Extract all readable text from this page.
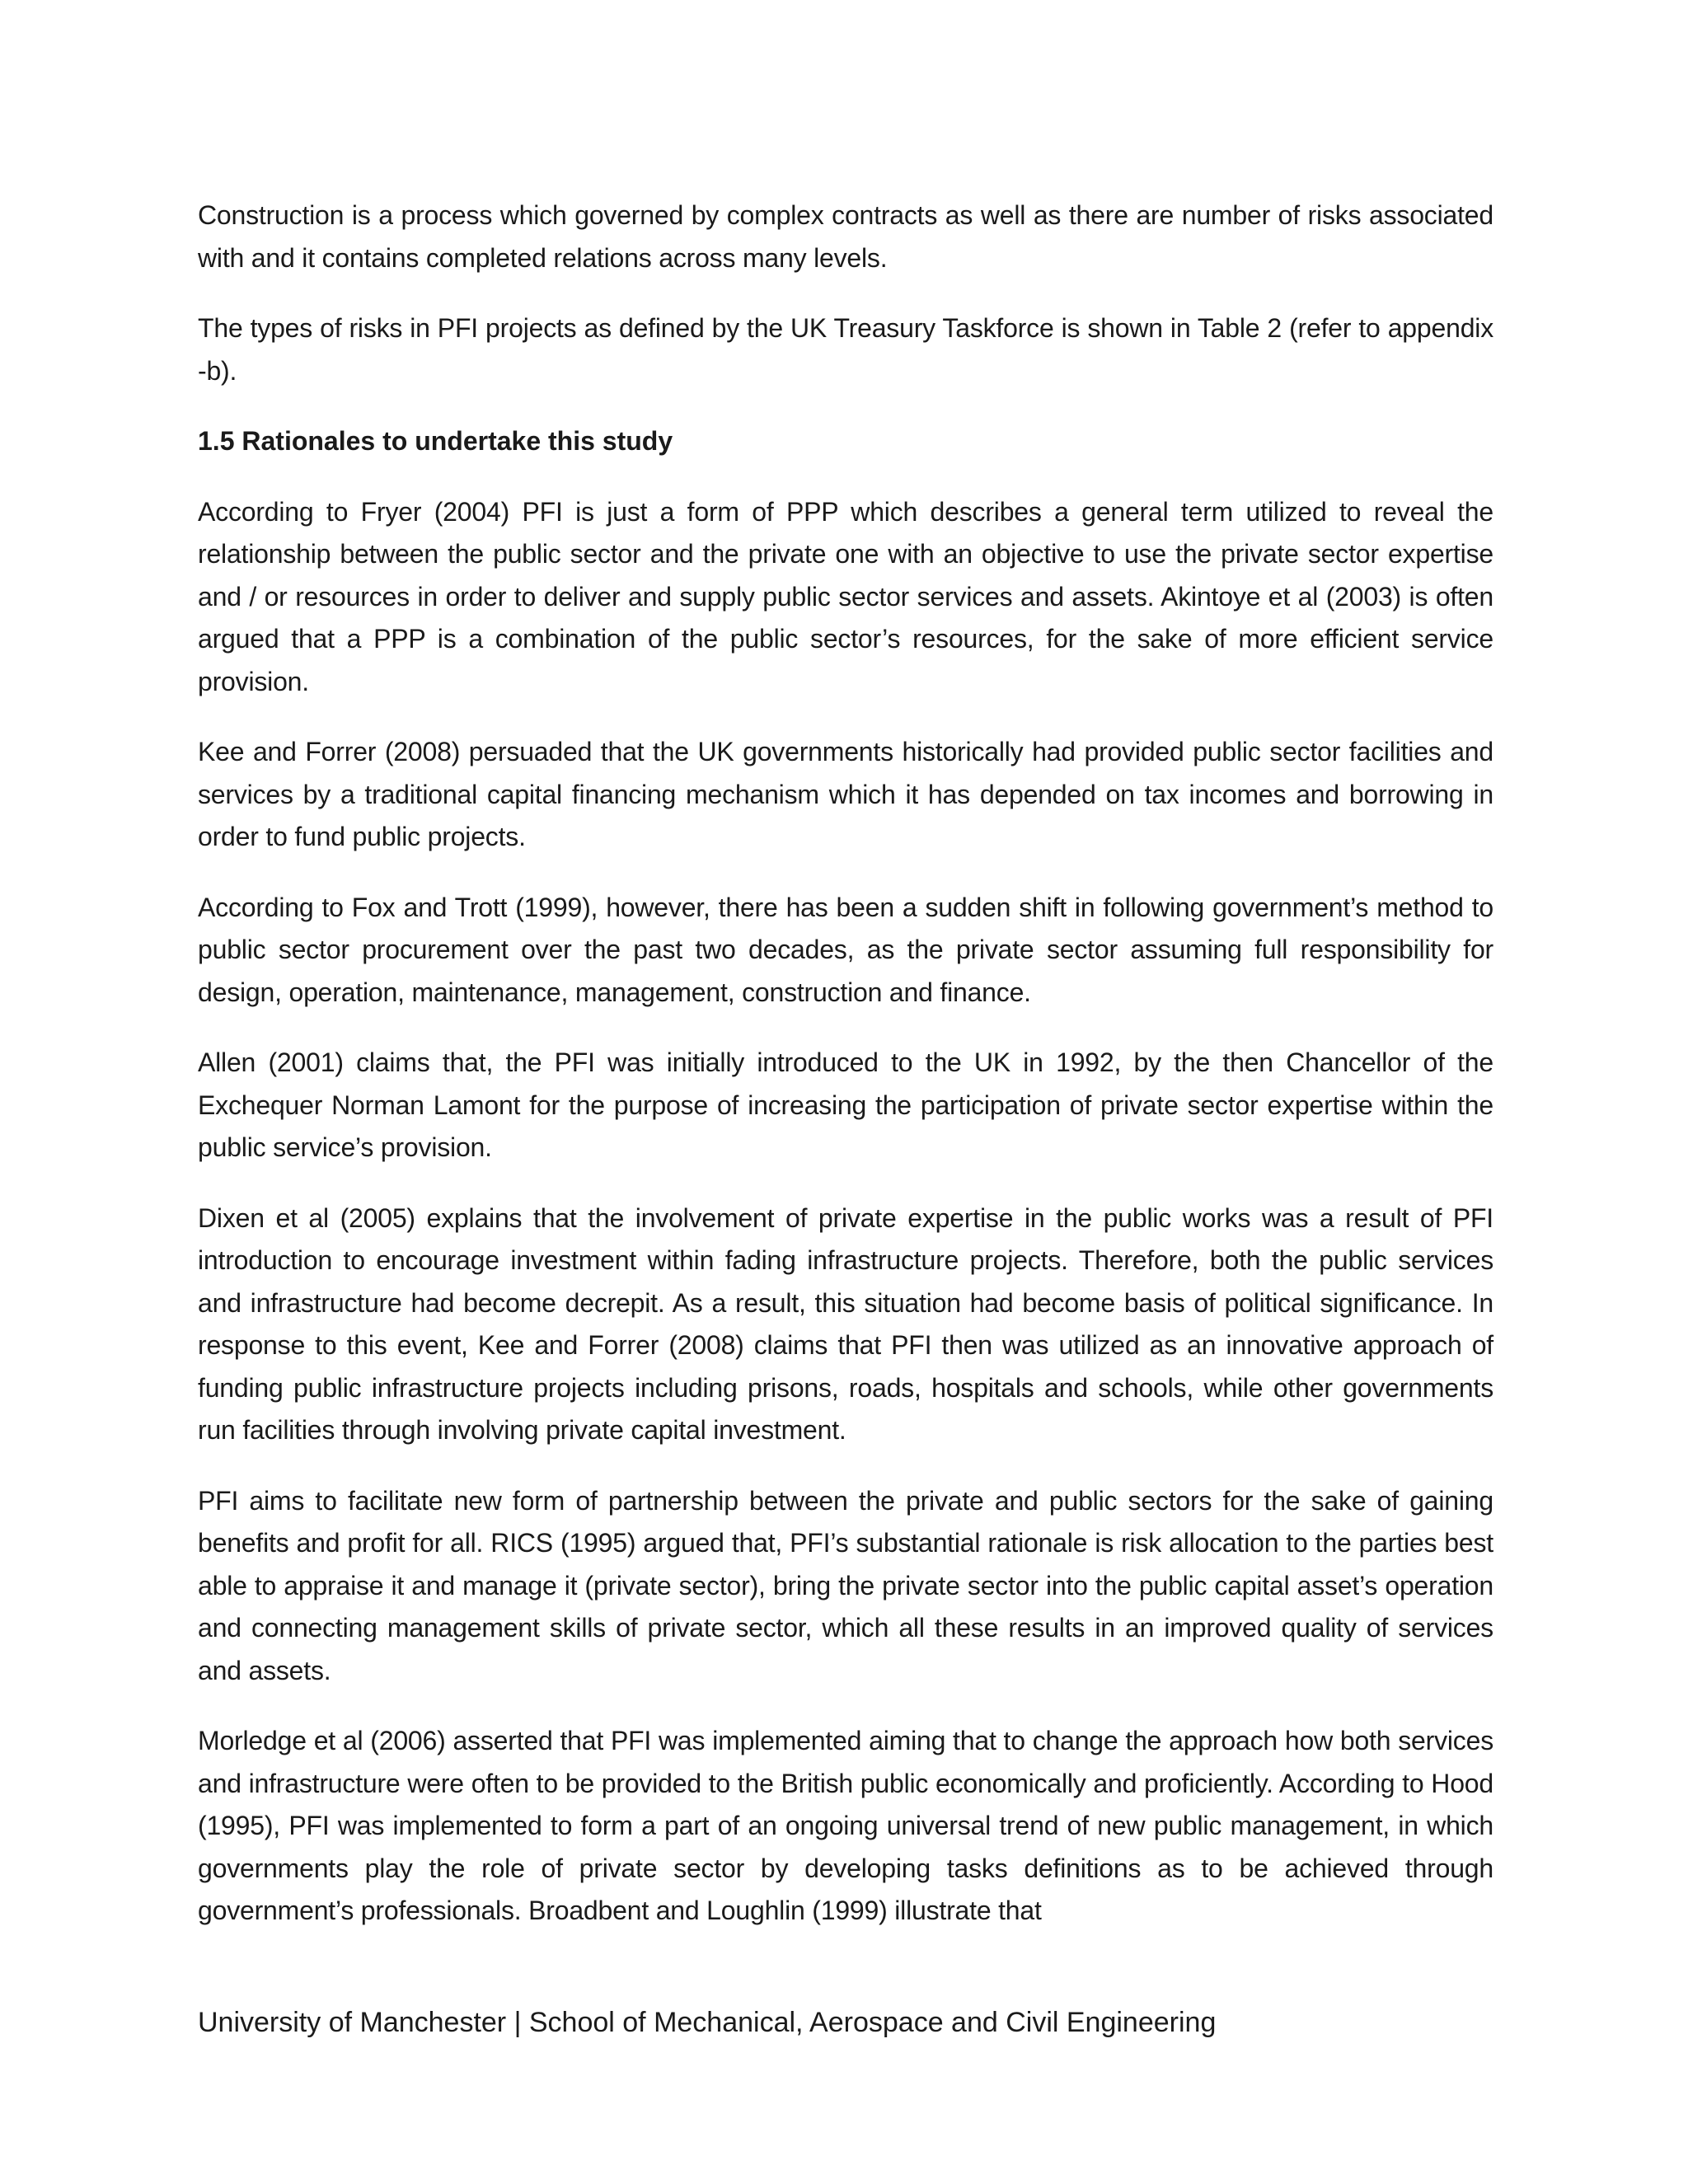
Construction is a process which governed by complex contracts as well as there are number of risks associated with and it contains completed relations across many levels.

The types of risks in PFI projects as defined by the UK Treasury Taskforce is shown in Table 2 (refer to appendix -b).

1.5 Rationales to undertake this study

According to Fryer (2004) PFI is just a form of PPP which describes a general term utilized to reveal the relationship between the public sector and the private one with an objective to use the private sector expertise and / or resources in order to deliver and supply public sector services and assets. Akintoye et al (2003) is often argued that a PPP is a combination of the public sector’s resources, for the sake of more efficient service provision.

Kee and Forrer (2008) persuaded that the UK governments historically had provided public sector facilities and services by a traditional capital financing mechanism which it has depended on tax incomes and borrowing in order to fund public projects.

According to Fox and Trott (1999), however, there has been a sudden shift in following government’s method to public sector procurement over the past two decades, as the private sector assuming full responsibility for design, operation, maintenance, management, construction and finance.

Allen (2001) claims that, the PFI was initially introduced to the UK in 1992, by the then Chancellor of the Exchequer Norman Lamont for the purpose of increasing the participation of private sector expertise within the public service’s provision.

Dixen et al (2005) explains that the involvement of private expertise in the public works was a result of PFI introduction to encourage investment within fading infrastructure projects. Therefore, both the public services and infrastructure had become decrepit. As a result, this situation had become basis of political significance. In response to this event, Kee and Forrer (2008) claims that PFI then was utilized as an innovative approach of funding public infrastructure projects including prisons, roads, hospitals and schools, while other governments run facilities through involving private capital investment.

PFI aims to facilitate new form of partnership between the private and public sectors for the sake of gaining benefits and profit for all. RICS (1995) argued that, PFI’s substantial rationale is risk allocation to the parties best able to appraise it and manage it (private sector), bring the private sector into the public capital asset’s operation and connecting management skills of private sector, which all these results in an improved quality of services and assets.

Morledge et al (2006) asserted that PFI was implemented aiming that to change the approach how both services and infrastructure were often to be provided to the British public economically and proficiently. According to Hood (1995), PFI was implemented to form a part of an ongoing universal trend of new public management, in which governments play the role of private sector by developing tasks definitions as to be achieved through government’s professionals. Broadbent and Loughlin (1999) illustrate that

University of Manchester | School of Mechanical, Aerospace and Civil Engineering
